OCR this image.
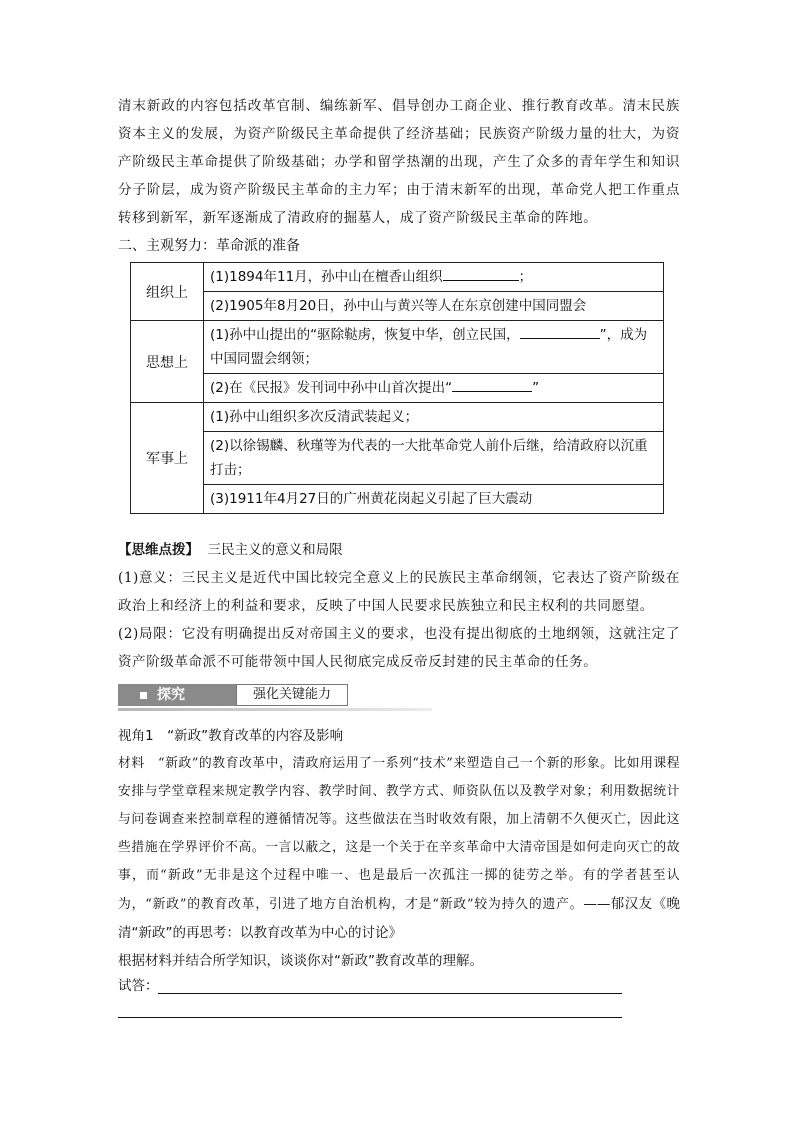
清末新政的内容包括改革官制、编练新军、倡导创办工商企业、推行教育改革。清末民族资本主义的发展，为资产阶级民主革命提供了经济基础；民族资产阶级力量的壮大，为资产阶级民主革命提供了阶级基础；办学和留学热潮的出现，产生了众多的青年学生和知识分子阶层，成为资产阶级民主革命的主力军；由于清末新军的出现，革命党人把工作重点转移到新军，新军逐渐成了清政府的掘墓人，成了资产阶级民主革命的阵地。

二、主观努力：革命派的准备

组织上	(1)1894年11月，孙中山在檀香山组织 ；
	(2)1905年8月20日，孙中山与黄兴等人在东京创建中国同盟会
思想上	(1)孙中山提出的“驱除鞑虏，恢复中华，创立民国， ”，成为中国同盟会纲领；
	(2)在《民报》发刊词中孙中山首次提出“ ”
军事上	(1)孙中山组织多次反清武装起义；
	(2)以徐锡麟、秋瑾等为代表的一大批革命党人前仆后继，给清政府以沉重打击；
	(3)1911年4月27日的广州黄花岗起义引起了巨大震动
【思维点拨】 三民主义的意义和局限

(1)意义：三民主义是近代中国比较完全意义上的民族民主革命纲领，它表达了资产阶级在政治上和经济上的利益和要求，反映了中国人民要求民族独立和民主权利的共同愿望。

(2)局限：它没有明确提出反对帝国主义的要求，也没有提出彻底的土地纲领，这就注定了资产阶级革命派不可能带领中国人民彻底完成反帝反封建的民主革命的任务。

探究	强化关键能力
视角1　“新政”教育改革的内容及影响
材料　“新政”的教育改革中，清政府运用了一系列“技术”来塑造自己一个新的形象。比如用课程安排与学堂章程来规定教学内容、教学时间、教学方式、师资队伍以及教学对象；利用数据统计与问卷调查来控制章程的遵循情况等。这些做法在当时收效有限，加上清朝不久便灭亡，因此这些措施在学界评价不高。一言以蔽之，这是一个关于在辛亥革命中大清帝国是如何走向灭亡的故事，而“新政”无非是这个过程中唯一、也是最后一次孤注一掷的徒劳之举。有的学者甚至认为，“新政”的教育改革，引进了地方自治机构，才是“新政”较为持久的遗产。——郁汉友《晚清“新政”的再思考：以教育改革为中心的讨论》
根据材料并结合所学知识，谈谈你对“新政”教育改革的理解。
试答：
